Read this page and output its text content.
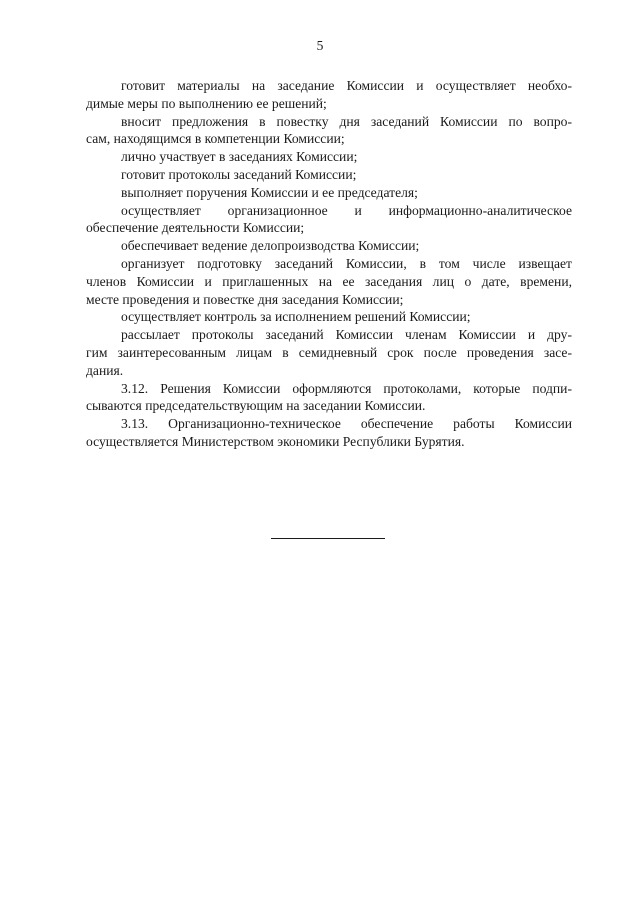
5
готовит материалы на заседание Комиссии и осуществляет необхо-
димые меры по выполнению ее решений;
вносит предложения в повестку дня заседаний Комиссии по вопро-
сам, находящимся в компетенции Комиссии;
лично участвует в заседаниях Комиссии;
готовит протоколы заседаний Комиссии;
выполняет поручения Комиссии и ее председателя;
осуществляет организационное и информационно-аналитическое
обеспечение деятельности Комиссии;
обеспечивает ведение делопроизводства Комиссии;
организует подготовку заседаний Комиссии, в том числе извещает
членов Комиссии и приглашенных на ее заседания лиц о дате, времени,
месте проведения и повестке дня заседания Комиссии;
осуществляет контроль за исполнением решений Комиссии;
рассылает протоколы заседаний Комиссии членам Комиссии и дру-
гим заинтересованным лицам в семидневный срок после проведения засе-
дания.
3.12. Решения Комиссии оформляются протоколами, которые подпи-
сываются председательствующим на заседании Комиссии.
3.13. Организационно-техническое обеспечение работы Комиссии
осуществляется Министерством экономики Республики Бурятия.
